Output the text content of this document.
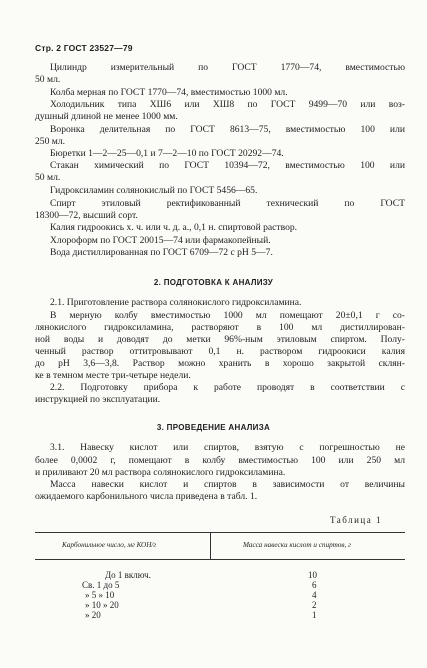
Стр. 2 ГОСТ 23527—79
Цилиндр измерительный по ГОСТ 1770—74, вместимостью
50 мл.
Колба мерная по ГОСТ 1770—74, вместимостью 1000 мл.
Холодильник типа ХШ6 или ХШ8 по ГОСТ 9499—70 или воз-
душный длиной не менее 1000 мм.
Воронка делительная по ГОСТ 8613—75, вместимостью 100 или
250 мл.
Бюретки 1—2—25—0,1 и 7—2—10 по ГОСТ 20292—74.
Стакан химический по ГОСТ 10394—72, вместимостью 100 или
50 мл.
Гидроксиламин солянокислый по ГОСТ 5456—65.
Спирт этиловый ректификованный технический по ГОСТ
18300—72, высший сорт.
Калия гидроокись х. ч. или ч. д. а., 0,1 н. спиртовой раствор.
Хлороформ по ГОСТ 20015—74 или фармакопейный.
Вода дистиллированная по ГОСТ 6709—72 с рН 5—7.
2. ПОДГОТОВКА К АНАЛИЗУ
2.1. Приготовление раствора солянокислого гидроксиламина.
В мерную колбу вместимостью 1000 мл помещают 20±0,1 г со-
лянокислого гидроксиламина, растворяют в 100 мл дистиллирован-
ной воды и доводят до метки 96%-ным этиловым спиртом. Полу-
ченный раствор оттитровывают 0,1 н. раствором гидроокиси калия
до рН 3,6—3,8. Раствор можно хранить в хорошо закрытой склян-
ке в темном месте три-четыре недели.
2.2. Подготовку прибора к работе проводят в соответствии с
инструкцией по эксплуатации.
3. ПРОВЕДЕНИЕ АНАЛИЗА
3.1. Навеску кислот или спиртов, взятую с погрешностью не
более 0,0002 г, помещают в колбу вместимостью 100 или 250 мл
и приливают 20 мл раствора солянокислого гидроксиламина.
Масса навески кислот и спиртов в зависимости от величины
ожидаемого карбонильного числа приведена в табл. 1.
Таблица 1
Карбонильное число, мг КОН/г	Масса навески кислот и спиртов, г
До 1 включ.	10
Св. 1 до 5	6
» 5 » 10	4
» 10 » 20	2
» 20	1
